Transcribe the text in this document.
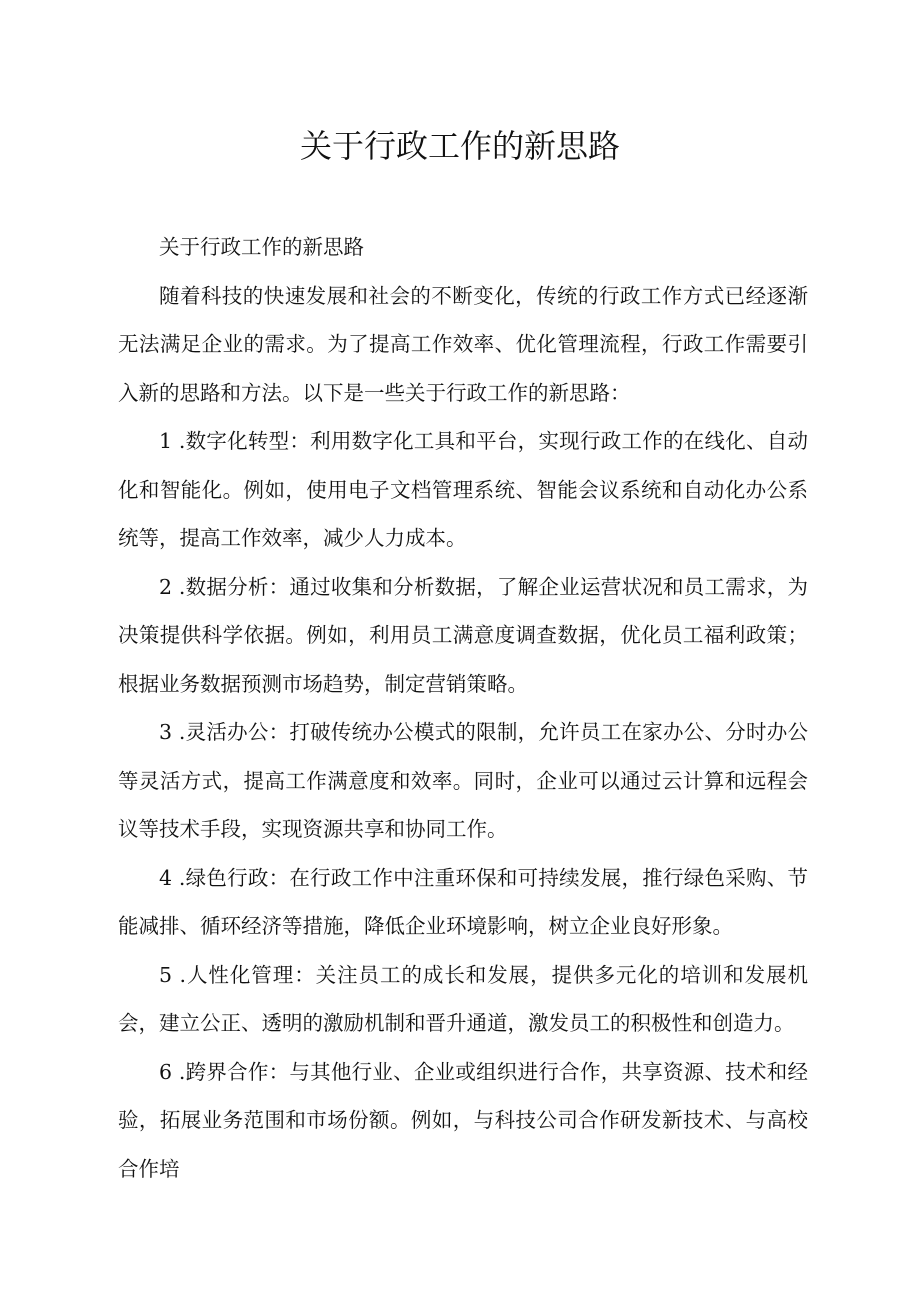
关于行政工作的新思路

关于行政工作的新思路

随着科技的快速发展和社会的不断变化，传统的行政工作方式已经逐渐无法满足企业的需求。为了提高工作效率、优化管理流程，行政工作需要引入新的思路和方法。以下是一些关于行政工作的新思路：

1 .数字化转型：利用数字化工具和平台，实现行政工作的在线化、自动化和智能化。例如，使用电子文档管理系统、智能会议系统和自动化办公系统等，提高工作效率，减少人力成本。

2 .数据分析：通过收集和分析数据，了解企业运营状况和员工需求，为决策提供科学依据。例如，利用员工满意度调查数据，优化员工福利政策；根据业务数据预测市场趋势，制定营销策略。

3 .灵活办公：打破传统办公模式的限制，允许员工在家办公、分时办公等灵活方式，提高工作满意度和效率。同时，企业可以通过云计算和远程会议等技术手段，实现资源共享和协同工作。

4 .绿色行政：在行政工作中注重环保和可持续发展，推行绿色采购、节能减排、循环经济等措施，降低企业环境影响，树立企业良好形象。

5 .人性化管理：关注员工的成长和发展，提供多元化的培训和发展机会，建立公正、透明的激励机制和晋升通道，激发员工的积极性和创造力。

6 .跨界合作：与其他行业、企业或组织进行合作，共享资源、技术和经验，拓展业务范围和市场份额。例如，与科技公司合作研发新技术、与高校合作培
